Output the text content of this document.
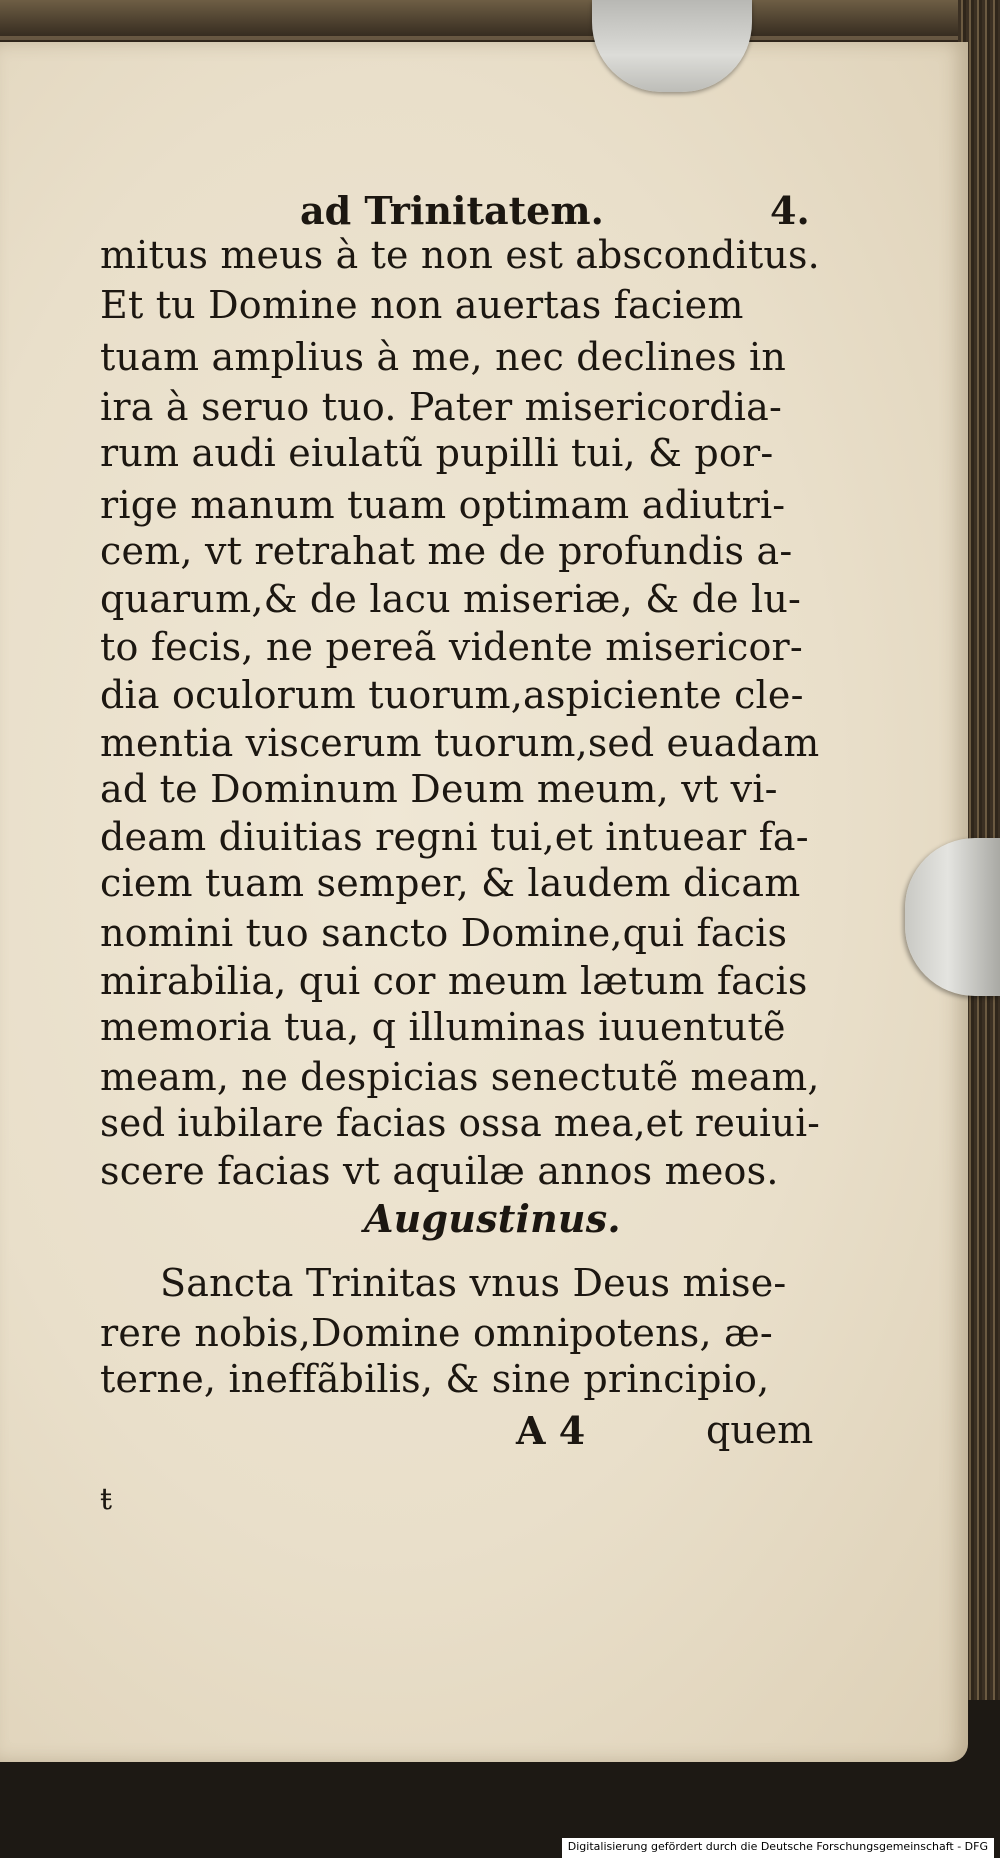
ad Trinitatem.	4.
mitus meus à te non est absconditus.
Et tu Domine non auertas faciem
tuam amplius à me, nec declines in
ira à seruo tuo. Pater misericordia-
rum audi eiulatũ pupilli tui, & por-
rige manum tuam optimam adiutri-
cem, vt retrahat me de profundis a-
quarum,& de lacu miseriæ, & de lu-
to fecis, ne pereã vidente misericor-
dia oculorum tuorum,aspiciente cle-
mentia viscerum tuorum,sed euadam
ad te Dominum Deum meum, vt vi-
deam diuitias regni tui,et intuear fa-
ciem tuam semper, & laudem dicam
nomini tuo sancto Domine,qui facis
mirabilia, qui cor meum lætum facis
memoria tua, q illuminas iuuentutẽ
meam, ne despicias senectutẽ meam,
sed iubilare facias ossa mea,et reuiui-
scere facias vt aquilæ annos meos.
Augustinus.
Sancta Trinitas vnus Deus mise-
rere nobis,Domine omnipotens, æ-
terne, ineffãbilis, & sine principio,
A 4	quem
ŧ
Digitalisierung gefördert durch die Deutsche Forschungsgemeinschaft - DFG
